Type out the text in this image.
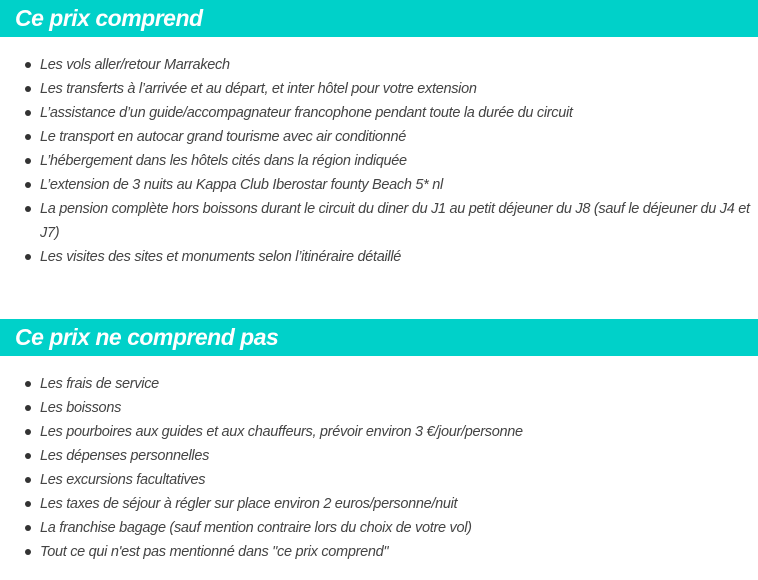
Ce prix comprend
Les vols aller/retour Marrakech
Les transferts à l’arrivée et au départ, et inter hôtel pour votre extension
L’assistance d’un guide/accompagnateur francophone pendant toute la durée du circuit
Le transport en autocar grand tourisme avec air conditionné
L’hébergement dans les hôtels cités dans la région indiquée
L’extension de 3 nuits au Kappa Club Iberostar founty Beach 5* nl
La pension complète hors boissons durant le circuit du diner du J1 au petit déjeuner du J8 (sauf le déjeuner du J4 et J7)
Les visites des sites et monuments selon l’itinéraire détaillé
Ce prix ne comprend pas
Les frais de service
Les boissons
Les pourboires aux guides et aux chauffeurs, prévoir environ 3 €/jour/personne
Les dépenses personnelles
Les excursions facultatives
Les taxes de séjour à régler sur place environ 2 euros/personne/nuit
La franchise bagage (sauf mention contraire lors du choix de votre vol)
Tout ce qui n'est pas mentionné dans "ce prix comprend"
